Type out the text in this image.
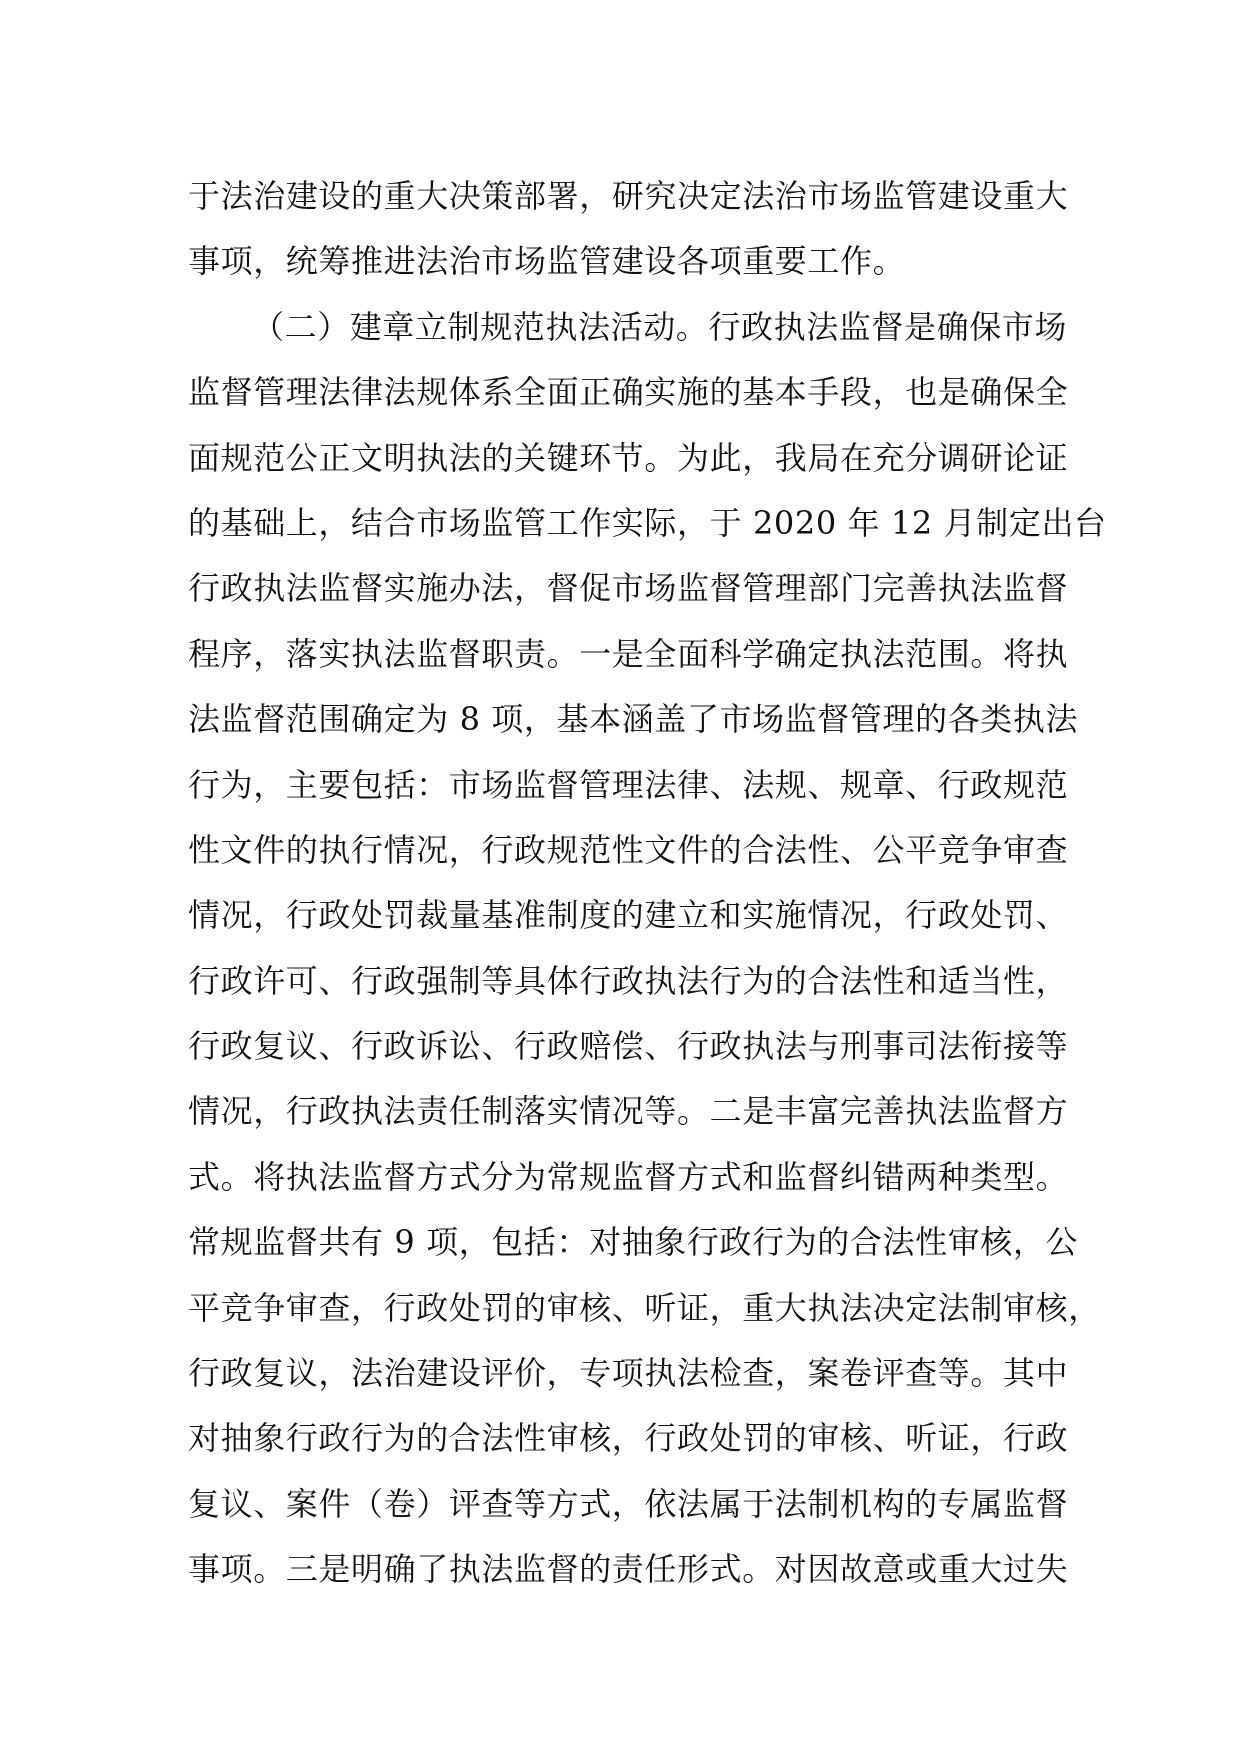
于法治建设的重大决策部署，研究决定法治市场监管建设重大
事项，统筹推进法治市场监管建设各项重要工作。
（二）建章立制规范执法活动。行政执法监督是确保市场
监督管理法律法规体系全面正确实施的基本手段，也是确保全
面规范公正文明执法的关键环节。为此，我局在充分调研论证
的基础上，结合市场监管工作实际，于 2020 年 12 月制定出台
行政执法监督实施办法，督促市场监督管理部门完善执法监督
程序，落实执法监督职责。一是全面科学确定执法范围。将执
法监督范围确定为 8 项，基本涵盖了市场监督管理的各类执法
行为，主要包括：市场监督管理法律、法规、规章、行政规范
性文件的执行情况，行政规范性文件的合法性、公平竞争审查
情况，行政处罚裁量基准制度的建立和实施情况，行政处罚、
行政许可、行政强制等具体行政执法行为的合法性和适当性，
行政复议、行政诉讼、行政赔偿、行政执法与刑事司法衔接等
情况，行政执法责任制落实情况等。二是丰富完善执法监督方
式。将执法监督方式分为常规监督方式和监督纠错两种类型。
常规监督共有 9 项，包括：对抽象行政行为的合法性审核，公
平竞争审查，行政处罚的审核、听证，重大执法决定法制审核，
行政复议，法治建设评价，专项执法检查，案卷评查等。其中
对抽象行政行为的合法性审核，行政处罚的审核、听证，行政
复议、案件（卷）评查等方式，依法属于法制机构的专属监督
事项。三是明确了执法监督的责任形式。对因故意或重大过失
